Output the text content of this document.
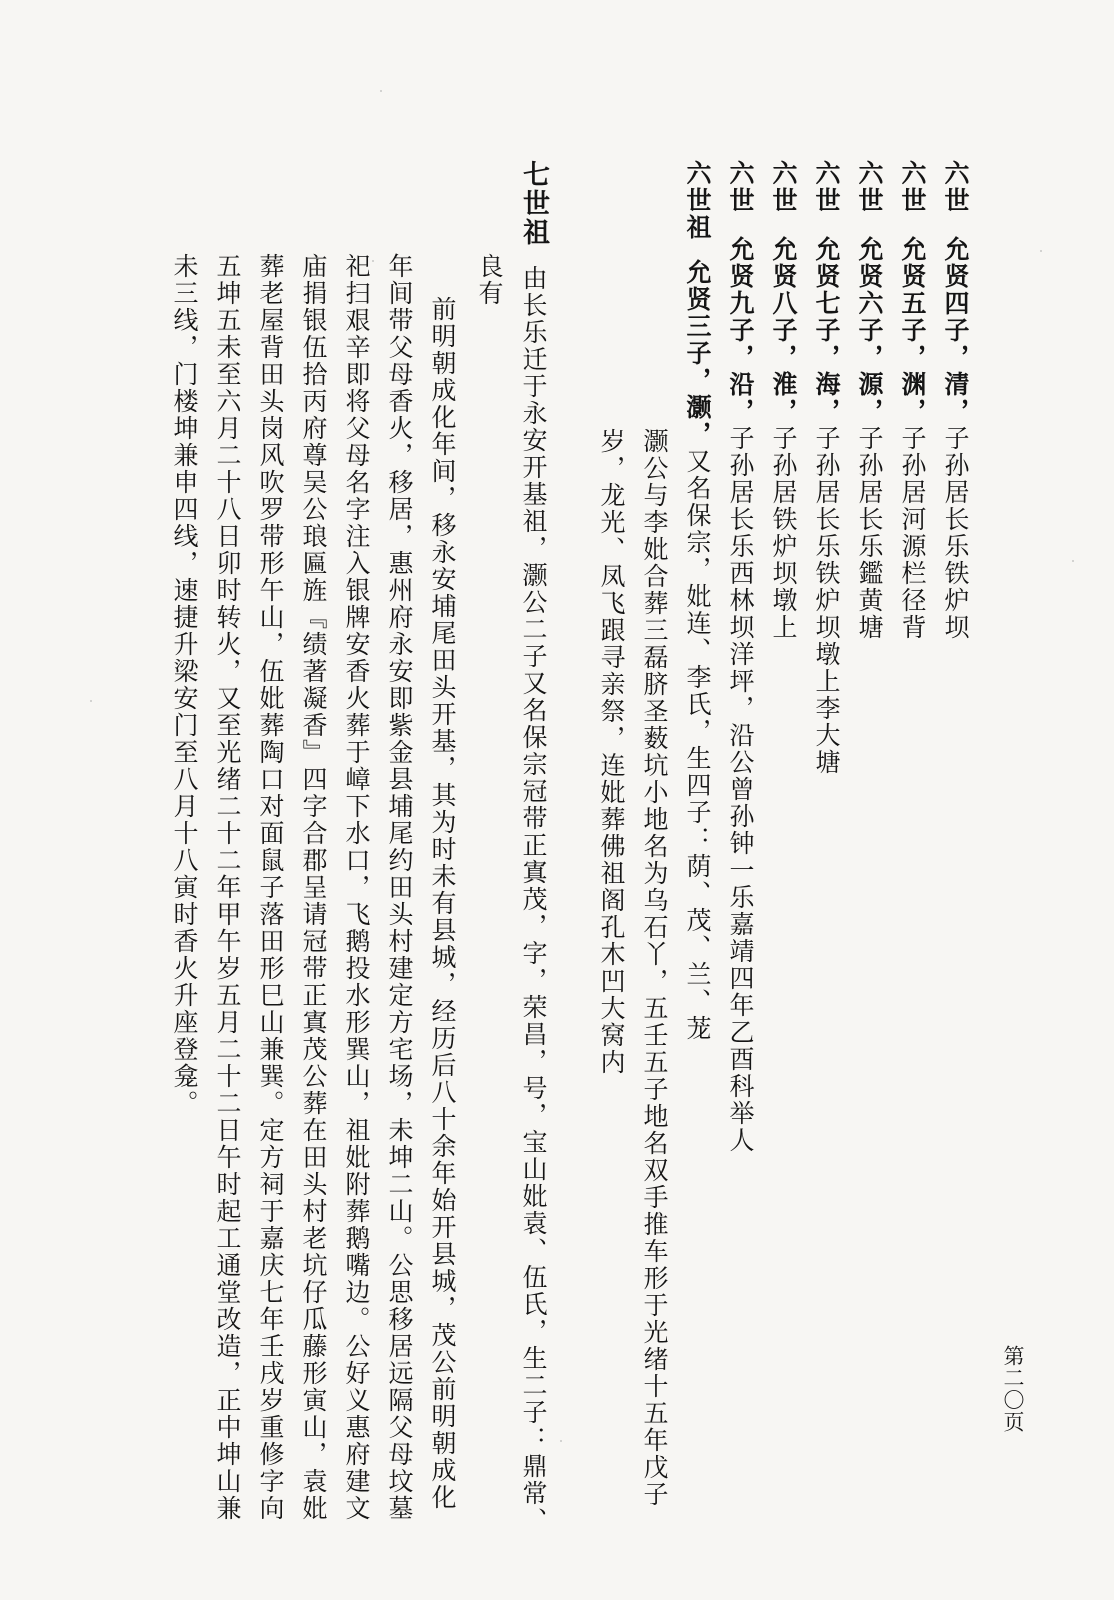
第二〇页
六世允贤四子，清，子孙居长乐铁炉坝
六世允贤五子，渊，子孙居河源栏径背
六世允贤六子，源，子孙居长乐鑑黄塘
六世允贤七子，海，子孙居长乐铁炉坝墩上李大塘
六世允贤八子，淮，子孙居铁炉坝墩上
六世允贤九子，沿，子孙居长乐西林坝洋坪，沿公曾孙钟一乐嘉靖四年乙酉科举人
六世祖允贤三子，灏，又名保宗，妣连、李氏，生四子：荫、茂、兰、茏
灏公与李妣合葬三磊脐圣薮坑小地名为乌石丫，五壬五子地名双手推车形于光绪十五年戊子
岁，龙光、凤飞跟寻亲祭，连妣葬佛祖阁孔木凹大窝内
七世祖由长乐迁于永安开基祖，灏公二子又名保宗冠带正寘茂，字，荣昌，号，宝山妣袁、伍氏，生二子：鼎常、
良有
前明朝成化年间，移永安埔尾田头开基，其为时未有县城，经历后八十余年始开县城，茂公前明朝成化
年间带父母香火，移居，惠州府永安即紫金县埔尾约田头村建定方宅场，未坤二山。公思移居远隔父母坟墓
祀扫艰辛即将父母名字注入银牌安香火葬于嶂下水口，飞鹅投水形巽山，祖妣附葬鹅嘴边。公好义惠府建文
庙捐银伍拾丙府尊吴公琅匾旌『绩著凝香』四字合郡呈请冠带正寘茂公葬在田头村老坑仔瓜藤形寅山，袁妣
葬老屋背田头岗风吹罗带形午山，伍妣葬陶口对面鼠子落田形巳山兼巽。定方祠于嘉庆七年壬戌岁重修字向
五坤五未至六月二十八日卯时转火，又至光绪二十二年甲午岁五月二十二日午时起工通堂改造，正中坤山兼
未三线，门楼坤兼申四线，速捷升梁安门至八月十八寅时香火升座登龛。
